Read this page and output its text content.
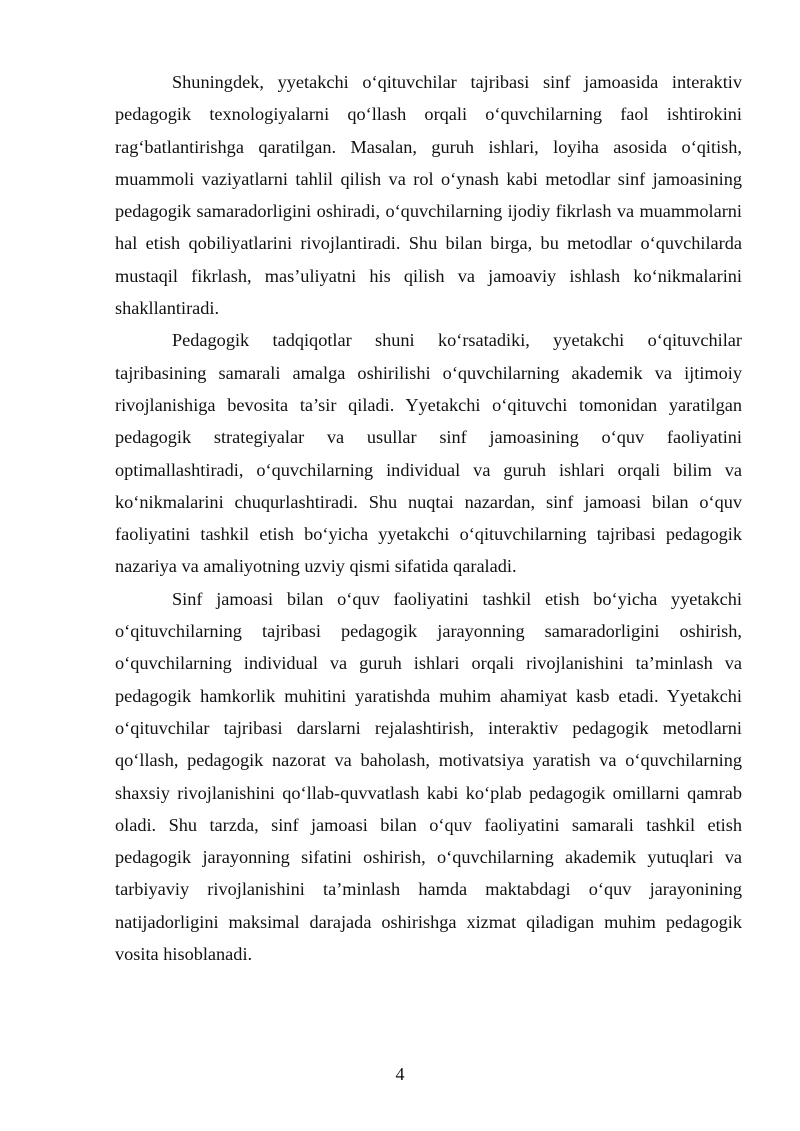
Shuningdek, yyetakchi o‘qituvchilar tajribasi sinf jamoasida interaktiv pedagogik texnologiyalarni qo‘llash orqali o‘quvchilarning faol ishtirokini rag‘batlantirishga qaratilgan. Masalan, guruh ishlari, loyiha asosida o‘qitish, muammoli vaziyatlarni tahlil qilish va rol o‘ynash kabi metodlar sinf jamoasining pedagogik samaradorligini oshiradi, o‘quvchilarning ijodiy fikrlash va muammolarni hal etish qobiliyatlarini rivojlantiradi. Shu bilan birga, bu metodlar o‘quvchilarda mustaqil fikrlash, mas’uliyatni his qilish va jamoaviy ishlash ko‘nikmalarini shakllantiradi.

Pedagogik tadqiqotlar shuni ko‘rsatadiki, yyetakchi o‘qituvchilar tajribasining samarali amalga oshirilishi o‘quvchilarning akademik va ijtimoiy rivojlanishiga bevosita ta’sir qiladi. Yyetakchi o‘qituvchi tomonidan yaratilgan pedagogik strategiyalar va usullar sinf jamoasining o‘quv faoliyatini optimallashtiradi, o‘quvchilarning individual va guruh ishlari orqali bilim va ko‘nikmalarini chuqurlashtiradi. Shu nuqtai nazardan, sinf jamoasi bilan o‘quv faoliyatini tashkil etish bo‘yicha yyetakchi o‘qituvchilarning tajribasi pedagogik nazariya va amaliyotning uzviy qismi sifatida qaraladi.

Sinf jamoasi bilan o‘quv faoliyatini tashkil etish bo‘yicha yyetakchi o‘qituvchilarning tajribasi pedagogik jarayonning samaradorligini oshirish, o‘quvchilarning individual va guruh ishlari orqali rivojlanishini ta’minlash va pedagogik hamkorlik muhitini yaratishda muhim ahamiyat kasb etadi. Yyetakchi o‘qituvchilar tajribasi darslarni rejalashtirish, interaktiv pedagogik metodlarni qo‘llash, pedagogik nazorat va baholash, motivatsiya yaratish va o‘quvchilarning shaxsiy rivojlanishini qo‘llab-quvvatlash kabi ko‘plab pedagogik omillarni qamrab oladi. Shu tarzda, sinf jamoasi bilan o‘quv faoliyatini samarali tashkil etish pedagogik jarayonning sifatini oshirish, o‘quvchilarning akademik yutuqlari va tarbiyaviy rivojlanishini ta’minlash hamda maktabdagi o‘quv jarayonining natijadorligini maksimal darajada oshirishga xizmat qiladigan muhim pedagogik vosita hisoblanadi.

4
